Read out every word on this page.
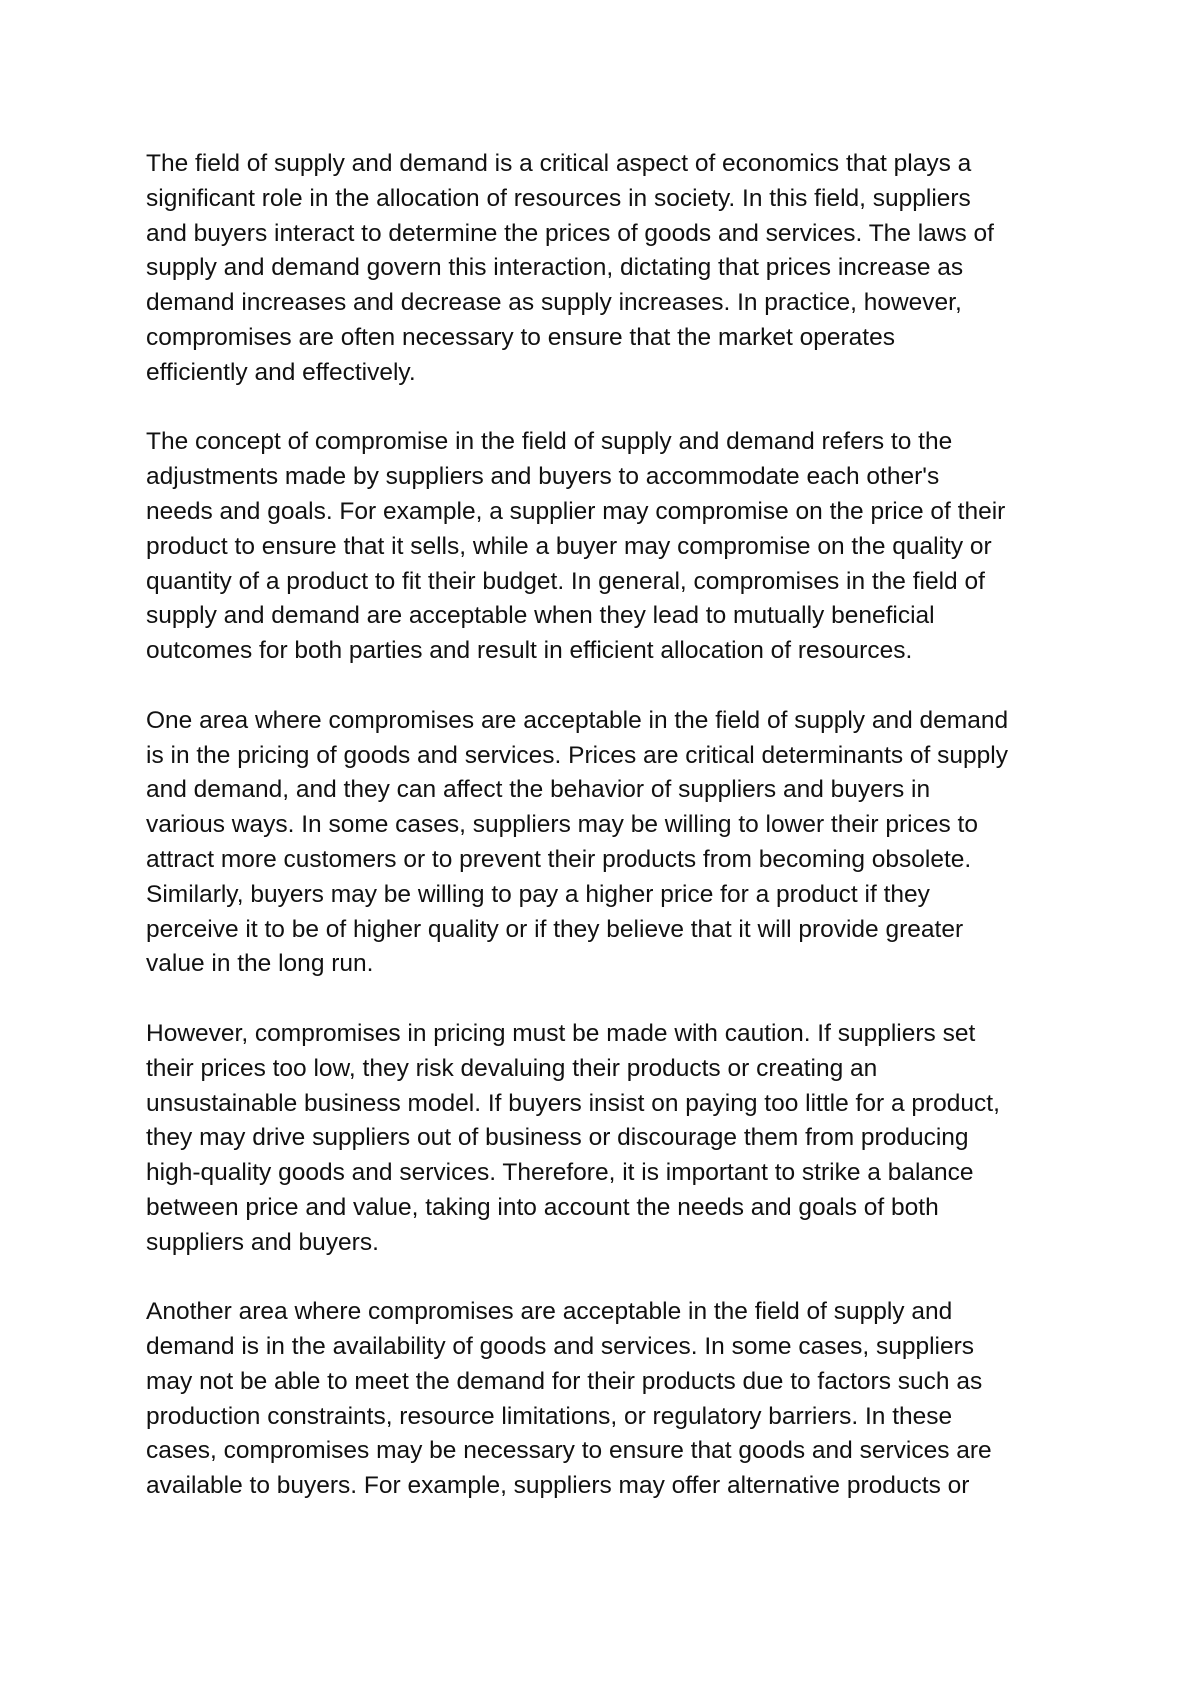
The field of supply and demand is a critical aspect of economics that plays a
significant role in the allocation of resources in society. In this field, suppliers
and buyers interact to determine the prices of goods and services. The laws of
supply and demand govern this interaction, dictating that prices increase as
demand increases and decrease as supply increases. In practice, however,
compromises are often necessary to ensure that the market operates
efficiently and effectively.

The concept of compromise in the field of supply and demand refers to the
adjustments made by suppliers and buyers to accommodate each other's
needs and goals. For example, a supplier may compromise on the price of their
product to ensure that it sells, while a buyer may compromise on the quality or
quantity of a product to fit their budget. In general, compromises in the field of
supply and demand are acceptable when they lead to mutually beneficial
outcomes for both parties and result in efficient allocation of resources.

One area where compromises are acceptable in the field of supply and demand
is in the pricing of goods and services. Prices are critical determinants of supply
and demand, and they can affect the behavior of suppliers and buyers in
various ways. In some cases, suppliers may be willing to lower their prices to
attract more customers or to prevent their products from becoming obsolete.
Similarly, buyers may be willing to pay a higher price for a product if they
perceive it to be of higher quality or if they believe that it will provide greater
value in the long run.

However, compromises in pricing must be made with caution. If suppliers set
their prices too low, they risk devaluing their products or creating an
unsustainable business model. If buyers insist on paying too little for a product,
they may drive suppliers out of business or discourage them from producing
high-quality goods and services. Therefore, it is important to strike a balance
between price and value, taking into account the needs and goals of both
suppliers and buyers.

Another area where compromises are acceptable in the field of supply and
demand is in the availability of goods and services. In some cases, suppliers
may not be able to meet the demand for their products due to factors such as
production constraints, resource limitations, or regulatory barriers. In these
cases, compromises may be necessary to ensure that goods and services are
available to buyers. For example, suppliers may offer alternative products or
